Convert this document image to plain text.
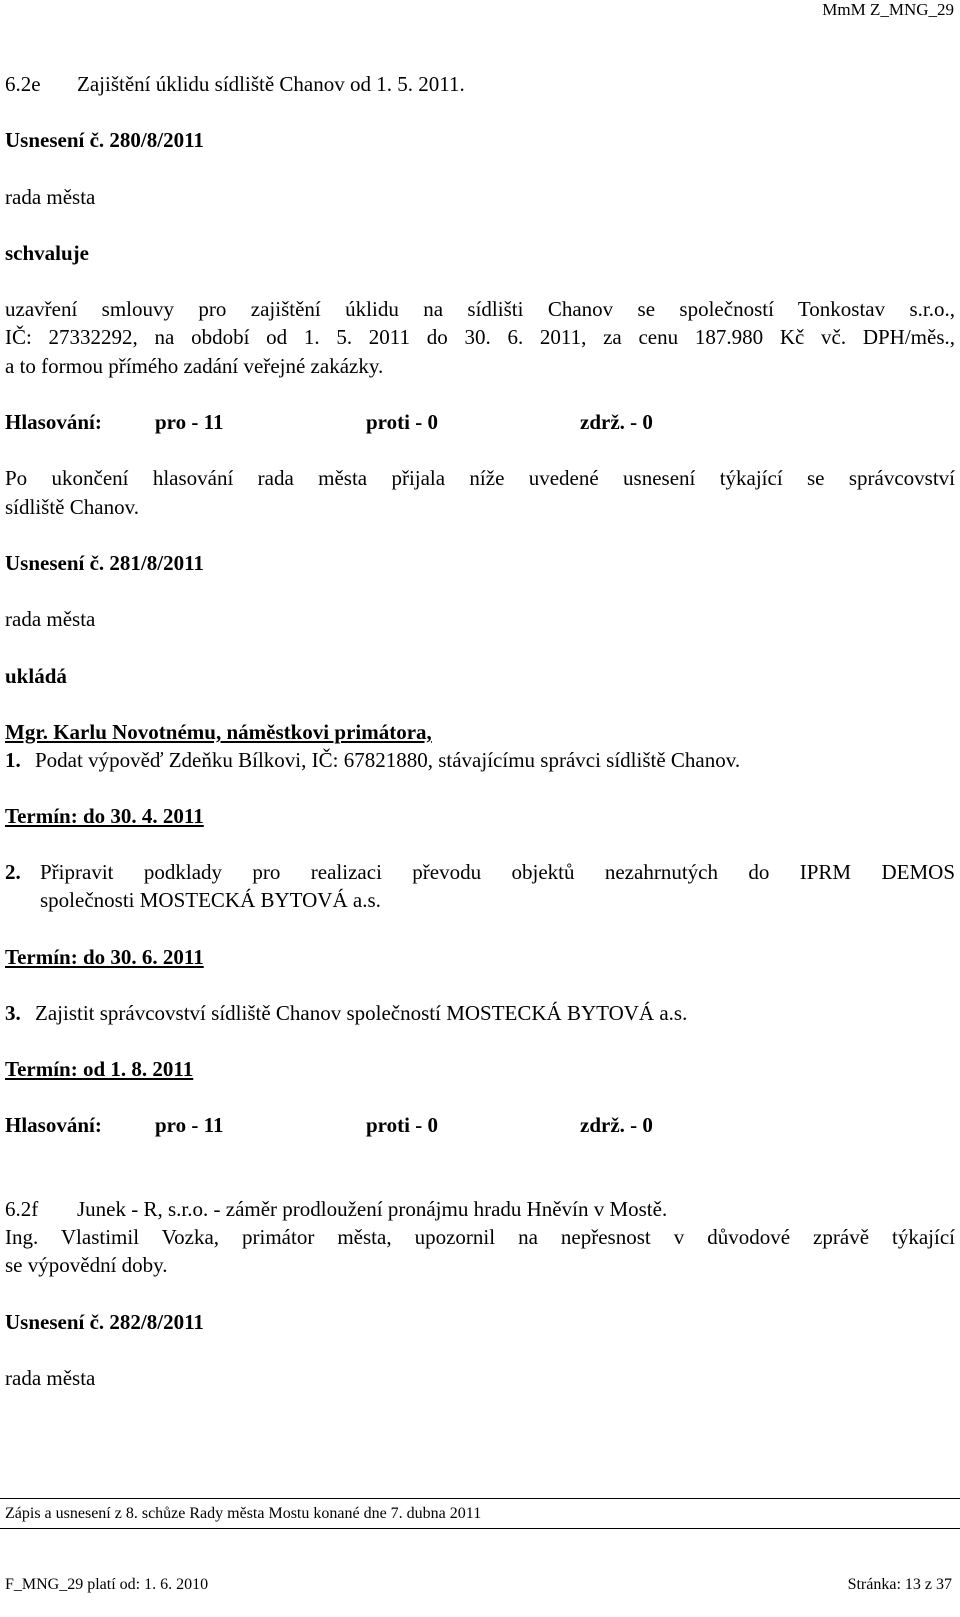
MmM Z_MNG_29
6.2e Zajištění úklidu sídliště Chanov od 1. 5. 2011.
Usnesení č. 280/8/2011
rada města
schvaluje
uzavření smlouvy pro zajištění úklidu na sídlišti Chanov se společností Tonkostav s.r.o.,
IČ: 27332292, na období od 1. 5. 2011 do 30. 6. 2011, za cenu 187.980 Kč vč. DPH/měs.,
a to formou přímého zadání veřejné zakázky.
Hlasování:	pro - 11	proti - 0	zdrž. - 0
Po ukončení hlasování rada města přijala níže uvedené usnesení týkající se správcovství
sídliště Chanov.
Usnesení č. 281/8/2011
rada města
ukládá
Mgr. Karlu Novotnému, náměstkovi primátora,
1. Podat výpověď Zdeňku Bílkovi, IČ: 67821880, stávajícímu správci sídliště Chanov.
Termín: do 30. 4. 2011
2. Připravit podklady pro realizaci převodu objektů nezahrnutých do IPRM DEMOS
společnosti MOSTECKÁ BYTOVÁ a.s.
Termín: do 30. 6. 2011
3. Zajistit správcovství sídliště Chanov společností MOSTECKÁ BYTOVÁ a.s.
Termín: od 1. 8. 2011
Hlasování:	pro - 11	proti - 0	zdrž. - 0
6.2f Junek - R, s.r.o. - záměr prodloužení pronájmu hradu Hněvín v Mostě.
Ing. Vlastimil Vozka, primátor města, upozornil na nepřesnost v důvodové zprávě týkající
se výpovědní doby.
Usnesení č. 282/8/2011
rada města
Zápis a usnesení z 8. schůze Rady města Mostu konané dne 7. dubna 2011
F_MNG_29 platí od: 1. 6. 2010	Stránka: 13 z 37
